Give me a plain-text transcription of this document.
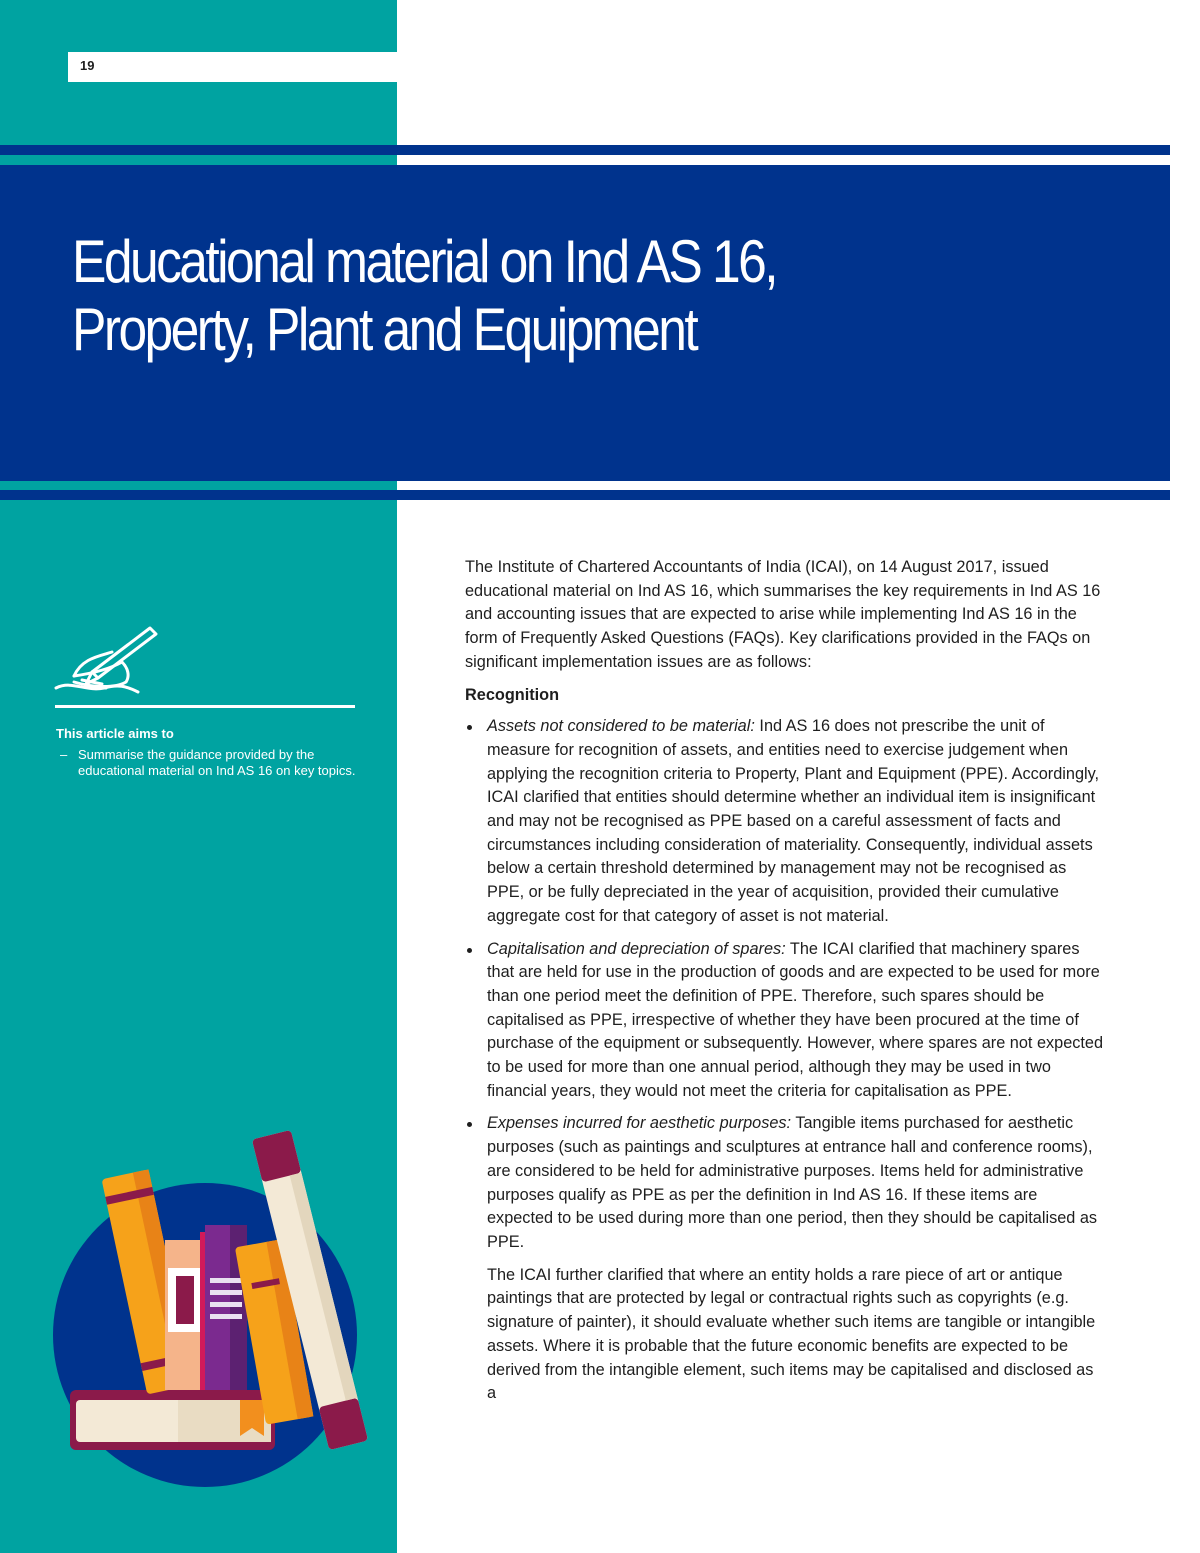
19
Educational material on Ind AS 16,
Property, Plant and Equipment

This article aims to

– Summarise the guidance provided by the educational material on Ind AS 16 on key topics.

The Institute of Chartered Accountants of India (ICAI), on 14 August 2017, issued educational material on Ind AS 16, which summarises the key requirements in Ind AS 16 and accounting issues that are expected to arise while implementing Ind AS 16 in the form of Frequently Asked Questions (FAQs). Key clarifications provided in the FAQs on significant implementation issues are as follows:

Recognition

Assets not considered to be material: Ind AS 16 does not prescribe the unit of measure for recognition of assets, and entities need to exercise judgement when applying the recognition criteria to Property, Plant and Equipment (PPE). Accordingly, ICAI clarified that entities should determine whether an individual item is insignificant and may not be recognised as PPE based on a careful assessment of facts and circumstances including consideration of materiality. Consequently, individual assets below a certain threshold determined by management may not be recognised as PPE, or be fully depreciated in the year of acquisition, provided their cumulative aggregate cost for that category of asset is not material.
Capitalisation and depreciation of spares: The ICAI clarified that machinery spares that are held for use in the production of goods and are expected to be used for more than one period meet the definition of PPE. Therefore, such spares should be capitalised as PPE, irrespective of whether they have been procured at the time of purchase of the equipment or subsequently. However, where spares are not expected to be used for more than one annual period, although they may be used in two financial years, they would not meet the criteria for capitalisation as PPE.
Expenses incurred for aesthetic purposes: Tangible items purchased for aesthetic purposes (such as paintings and sculptures at entrance hall and conference rooms), are considered to be held for administrative purposes. Items held for administrative purposes qualify as PPE as per the definition in Ind AS 16. If these items are expected to be used during more than one period, then they should be capitalised as PPE.

The ICAI further clarified that where an entity holds a rare piece of art or antique paintings that are protected by legal or contractual rights such as copyrights (e.g. signature of painter), it should evaluate whether such items are tangible or intangible assets. Where it is probable that the future economic benefits are expected to be derived from the intangible element, such items may be capitalised and disclosed as a
